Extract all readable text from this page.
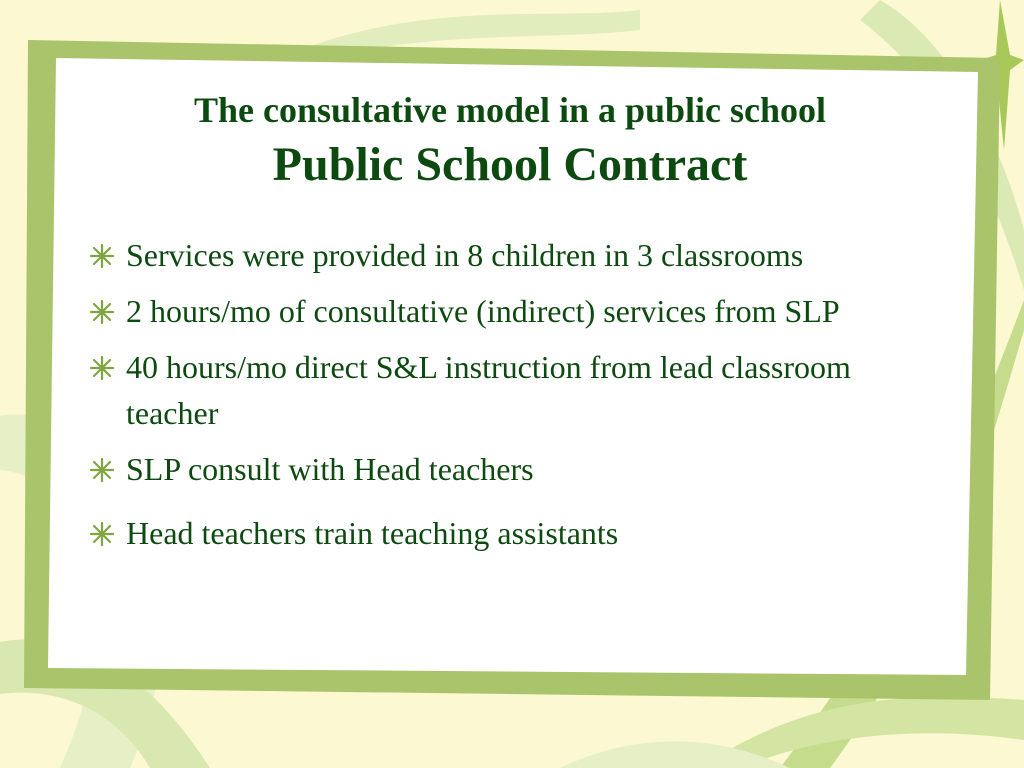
The consultative model in a public school

Public School Contract

Services were provided in 8 children in 3 classrooms
2 hours/mo of consultative (indirect) services from SLP
40 hours/mo direct S&L instruction from lead classroom teacher
SLP consult with Head teachers
Head teachers train teaching assistants
